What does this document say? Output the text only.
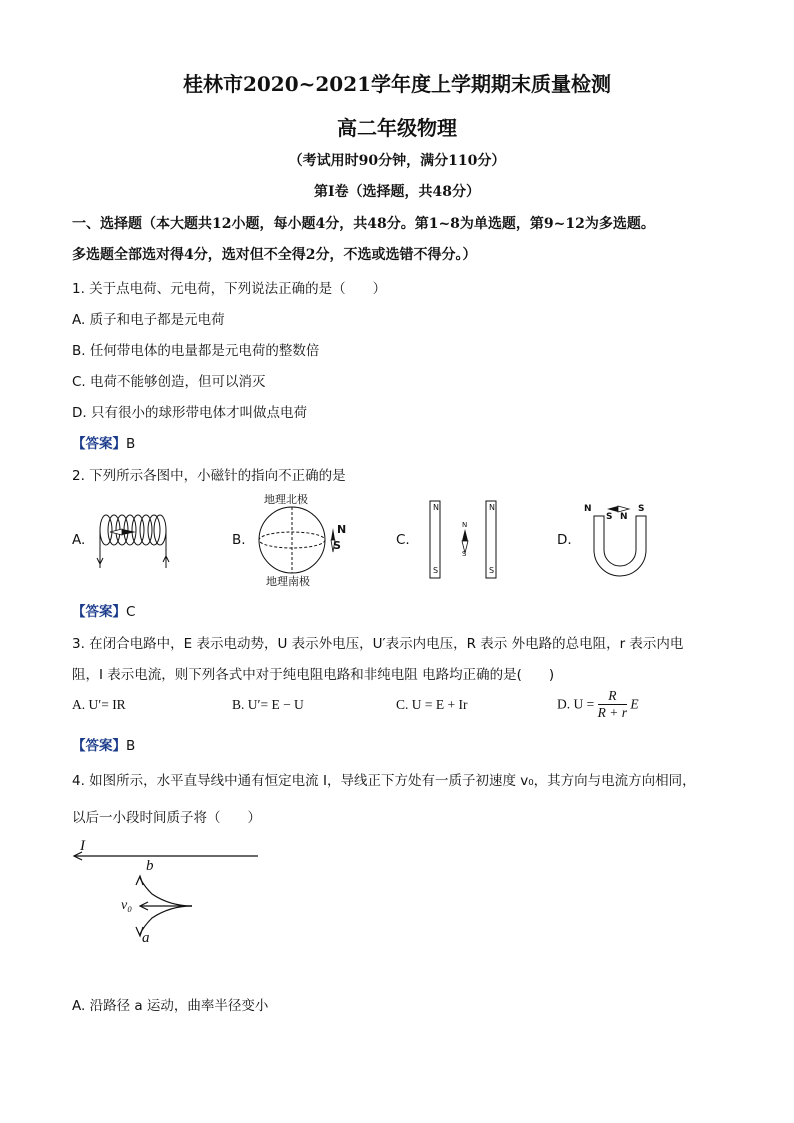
桂林市2020~2021学年度上学期期末质量检测
高二年级物理
（考试用时90分钟，满分110分）
第Ⅰ卷（选择题，共48分）
一、选择题（本大题共12小题，每小题4分，共48分。第1~8为单选题，第9~12为多选题。
多选题全部选对得4分，选对但不全得2分，不选或选错不得分。）
1. 关于点电荷、元电荷，下列说法正确的是（　　）
A. 质子和电子都是元电荷
B. 任何带电体的电量都是元电荷的整数倍
C. 电荷不能够创造，但可以消灭
D. 只有很小的球形带电体才叫做点电荷
【答案】B
2. 下列所示各图中，小磁针的指向不正确的是
A.	B.
地理北极
地理南极
N
S	C.
N
S
N
S
N
S
D.
N	S
S N
【答案】C
3. 在闭合电路中，E 表示电动势，U 表示外电压，U′表示内电压，R 表示 外电路的总电阻，r 表示内电
阻，I 表示电流，则下列各式中对于纯电阻电路和非纯电阻 电路均正确的是(　　)
A. U′= IR	B. U′= E − U	C. U = E + Ir	D. $U = \frac{R}{R + r}$ E
【答案】B
4. 如图所示，水平直导线中通有恒定电流 I，导线正下方处有一质子初速度 v₀，其方向与电流方向相同，
以后一小段时间质子将（　　）
I
b
v₀
a
A. 沿路径 a 运动，曲率半径变小
